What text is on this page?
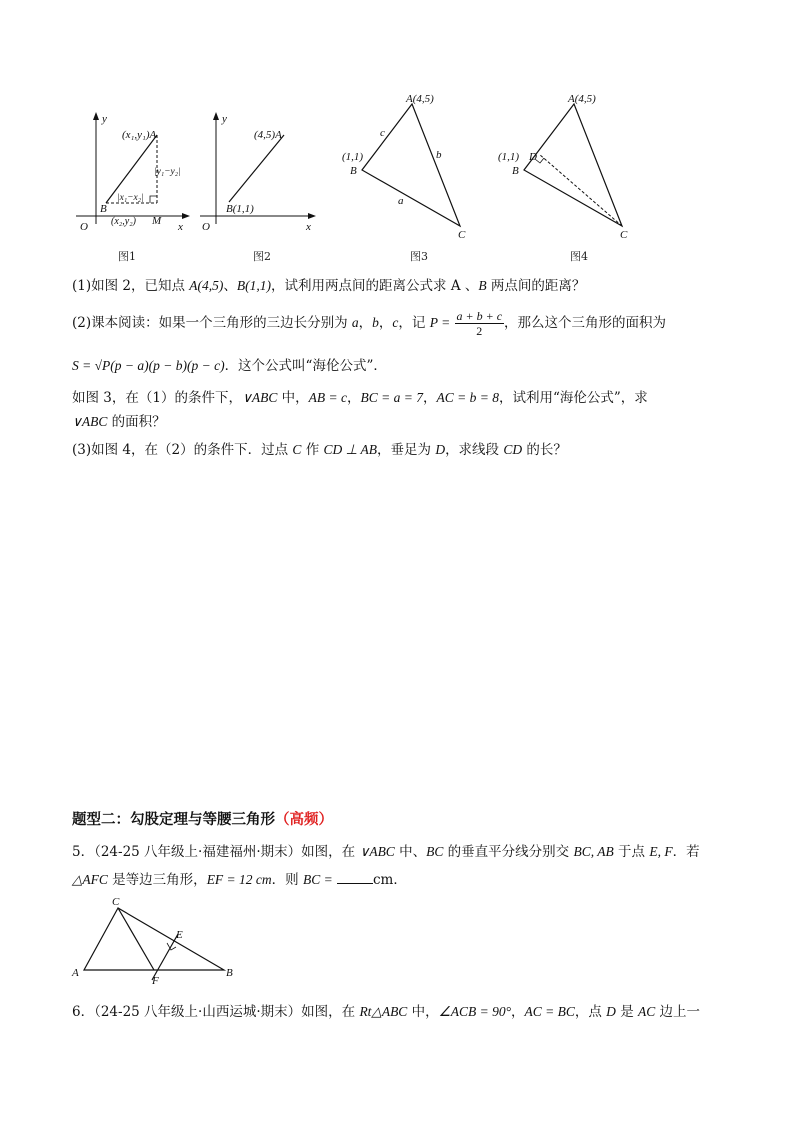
y
x
O
(x₁,y₁)A
B
(x₂,y₂) M
|y₁−y₂|
|x₁−x₂|
图1
y
x
O
(4,5)A
B(1,1)
图2
A(4,5)
(1,1)
B
C
c
b
a
图3
A(4,5)
(1,1)
B
D
C
图4
(1)如图 2，已知点 A(4,5)、B(1,1)，试利用两点间的距离公式求 A 、B 两点间的距离？
(2)课本阅读：如果一个三角形的三边长分别为 a，b，c，记 $P = \frac{a + b + c}{2}$ ，那么这个三角形的面积为
S = √P(p − a)(p − b)(p − c)．这个公式叫“海伦公式”．
如图 3，在（1）的条件下，∨ABC 中，AB = c，BC = a = 7，AC = b = 8，试利用“海伦公式”，求
∨ABC 的面积？
(3)如图 4，在（2）的条件下．过点 C 作 CD ⊥ AB，垂足为 D，求线段 CD 的长？
题型二：勾股定理与等腰三角形（高频）
5．（24-25 八年级上·福建福州·期末）如图，在 ∨ABC 中、BC 的垂直平分线分别交 BC, AB 于点 E, F．若
△AFC 是等边三角形，EF = 12 cm．则 BC =	cm．
C
E
A
F
B
6．（24-25 八年级上·山西运城·期末）如图，在 Rt△ABC 中，∠ACB = 90°，AC = BC，点 D 是 AC 边上一
